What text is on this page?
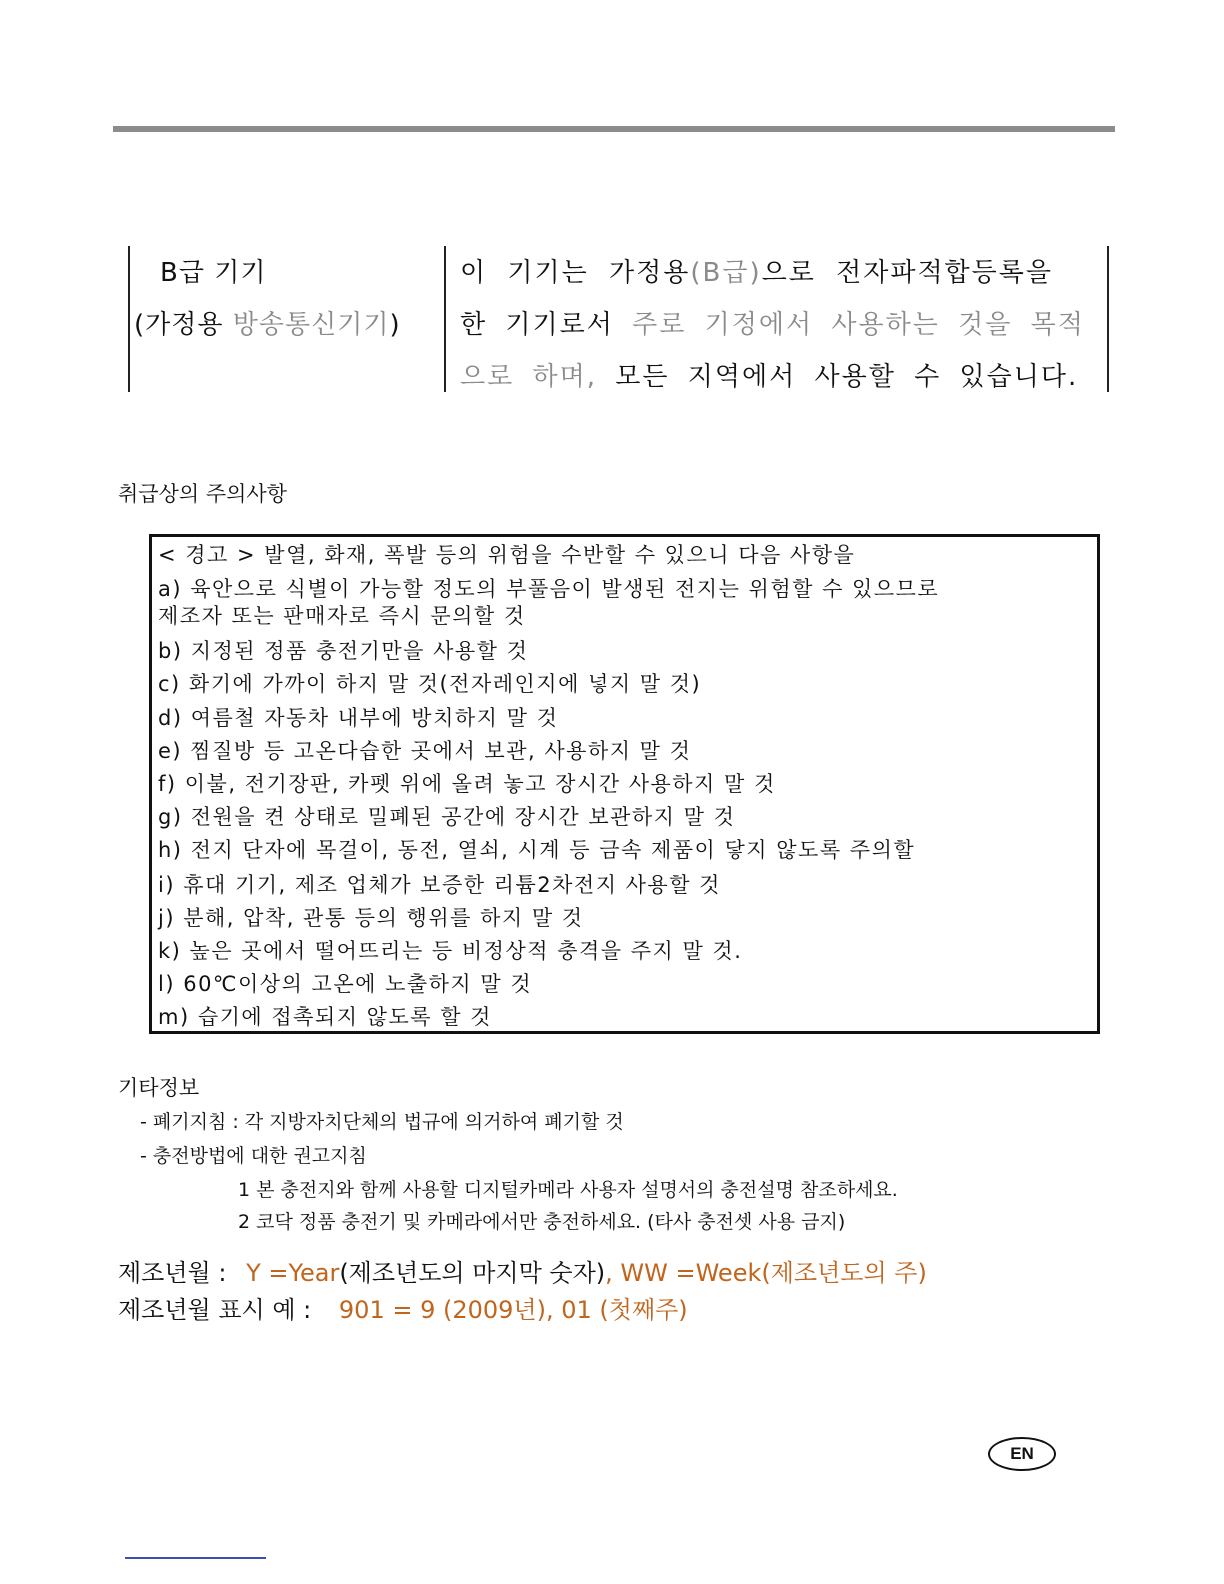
B급 기기
(가정용 방송통신기기)
이 기기는 가정용(B급)으로 전자파적합등록을
한 기기로서 주로 기정에서 사용하는 것을 목적
으로 하며, 모든 지역에서 사용할 수 있습니다.
취급상의 주의사항
< 경고 > 발열, 화재, 폭발 등의 위험을 수반할 수 있으니 다음 사항을
a) 육안으로 식별이 가능할 정도의 부풀음이 발생된 전지는 위험할 수 있으므로
제조자 또는 판매자로 즉시 문의할 것
b) 지정된 정품 충전기만을 사용할 것
c) 화기에 가까이 하지 말 것(전자레인지에 넣지 말 것)
d) 여름철 자동차 내부에 방치하지 말 것
e) 찜질방 등 고온다습한 곳에서 보관, 사용하지 말 것
f) 이불, 전기장판, 카펫 위에 올려 놓고 장시간 사용하지 말 것
g) 전원을 켠 상태로 밀폐된 공간에 장시간 보관하지 말 것
h) 전지 단자에 목걸이, 동전, 열쇠, 시계 등 금속 제품이 닿지 않도록 주의할
i) 휴대 기기, 제조 업체가 보증한 리튬2차전지 사용할 것
j) 분해, 압착, 관통 등의 행위를 하지 말 것
k) 높은 곳에서 떨어뜨리는 등 비정상적 충격을 주지 말 것.
l) 60℃이상의 고온에 노출하지 말 것
m) 습기에 접촉되지 않도록 할 것
기타정보
- 폐기지침 : 각 지방자치단체의 법규에 의거하여 폐기할 것
- 충전방법에 대한 권고지침
1 본 충전지와 함께 사용할 디지털카메라 사용자 설명서의 충전설명 참조하세요.
2 코닥 정품 충전기 및 카메라에서만 충전하세요. (타사 충전셋 사용 금지)
제조년월 : Y =Year(제조년도의 마지막 숫자), WW =Week(제조년도의 주)
제조년월 표시 예 : 901 = 9 (2009년), 01 (첫째주)
EN
